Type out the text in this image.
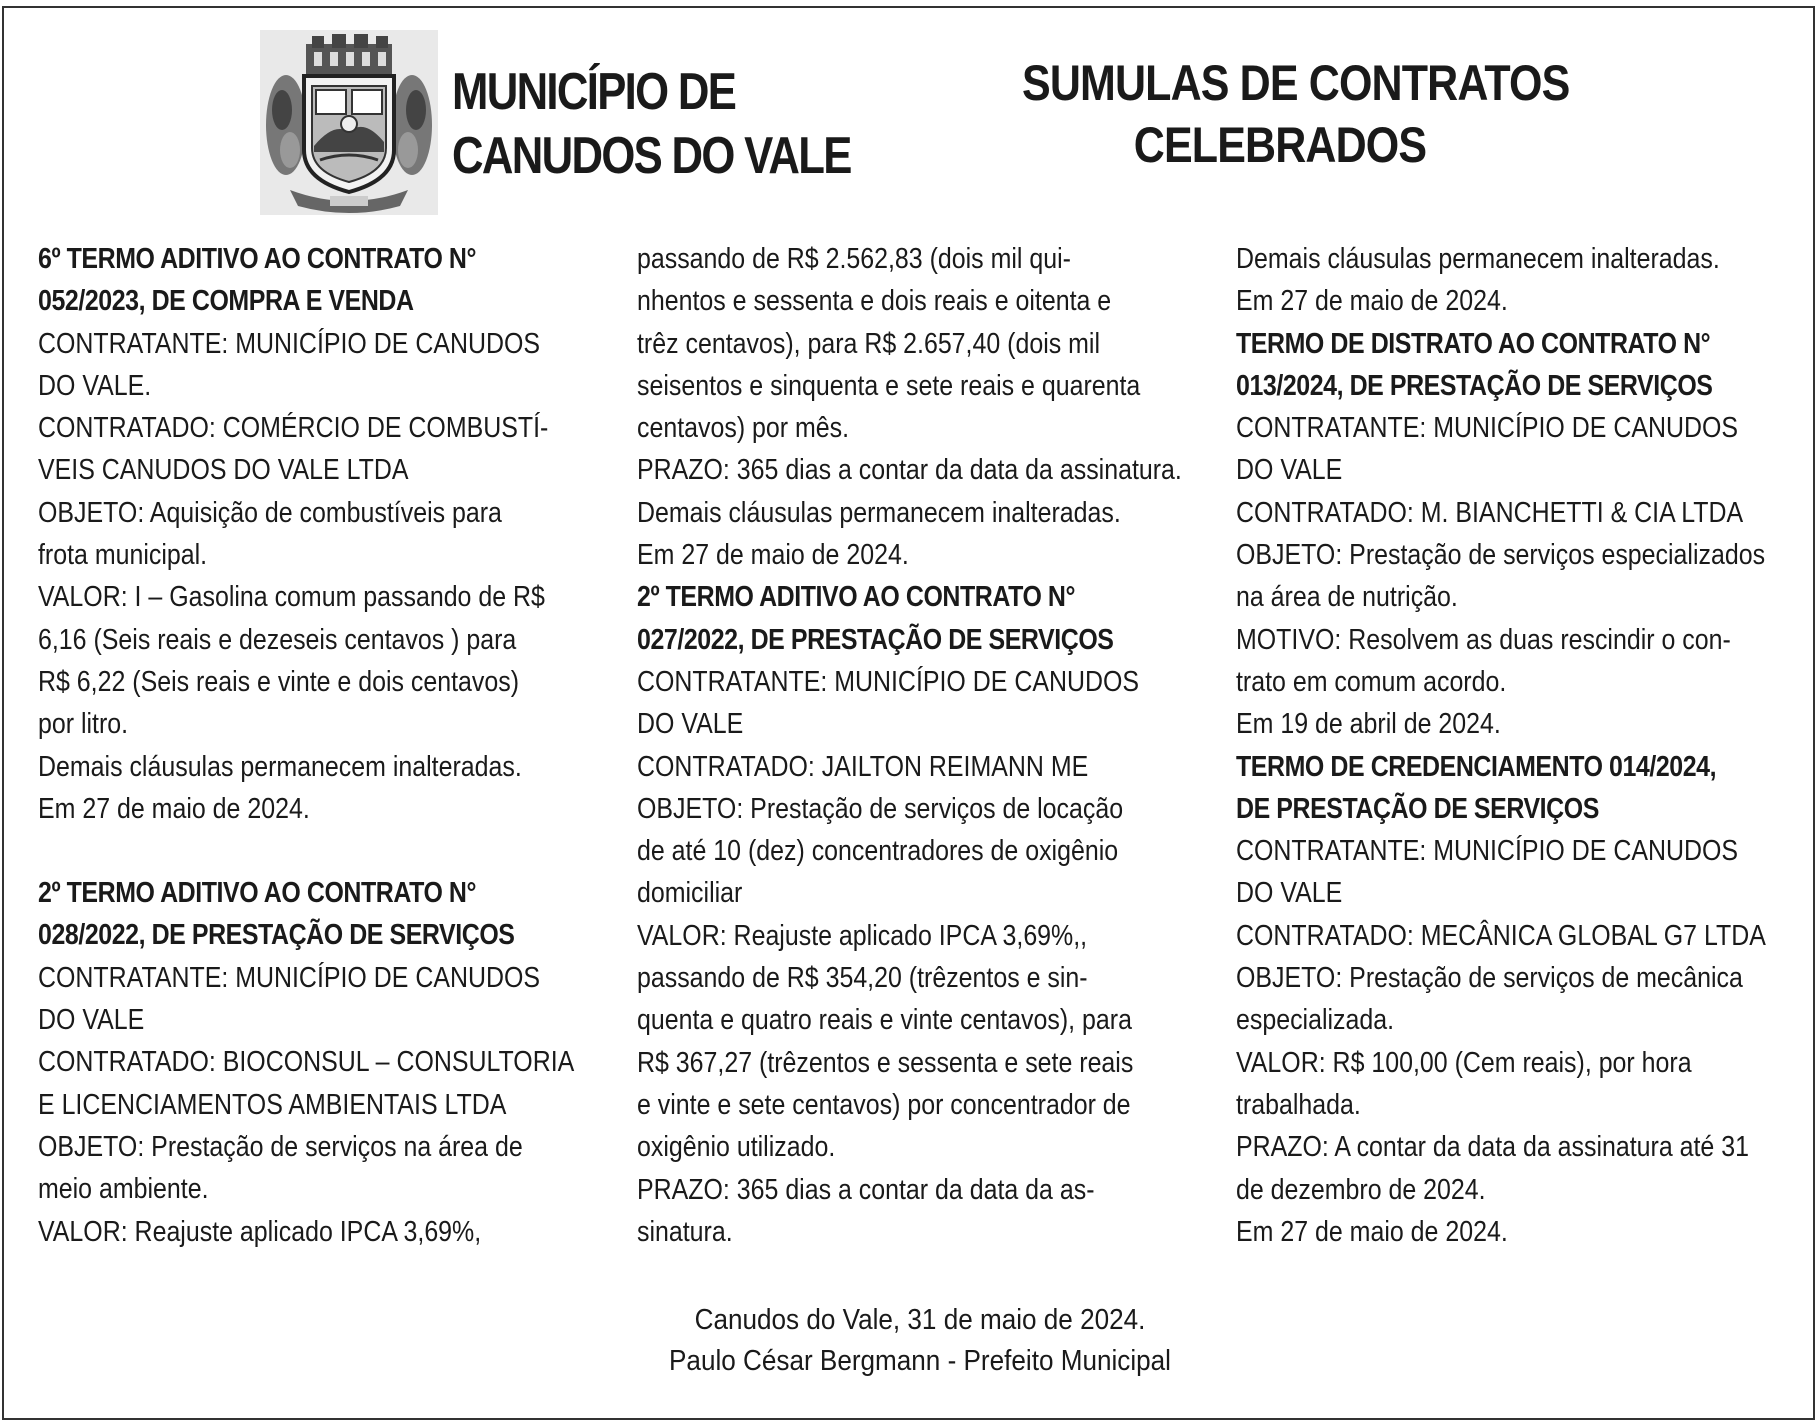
MUNICÍPIO DE
CANUDOS DO VALE
SUMULAS DE CONTRATOS
CELEBRADOS

6º TERMO ADITIVO AO CONTRATO N°

052/2023, DE COMPRA E VENDA

CONTRATANTE: MUNICÍPIO DE CANUDOS

DO VALE.

CONTRATADO: COMÉRCIO DE COMBUSTÍ-

VEIS CANUDOS DO VALE LTDA

OBJETO: Aquisição de combustíveis para

frota municipal.

VALOR: I – Gasolina comum passando de R$

6,16 (Seis reais e dezeseis centavos ) para

R$ 6,22 (Seis reais e vinte e dois centavos)

por litro.

Demais cláusulas permanecem inalteradas.

Em 27 de maio de 2024.

2º TERMO ADITIVO AO CONTRATO N°

028/2022, DE PRESTAÇÃO DE SERVIÇOS

CONTRATANTE: MUNICÍPIO DE CANUDOS

DO VALE

CONTRATADO: BIOCONSUL – CONSULTORIA

E LICENCIAMENTOS AMBIENTAIS LTDA

OBJETO: Prestação de serviços na área de

meio ambiente.

VALOR: Reajuste aplicado IPCA 3,69%,

passando de R$ 2.562,83 (dois mil qui-

nhentos e sessenta e dois reais e oitenta e

trêz centavos), para R$ 2.657,40 (dois mil

seisentos e sinquenta e sete reais e quarenta

centavos) por mês.

PRAZO: 365 dias a contar da data da assinatura.

Demais cláusulas permanecem inalteradas.

Em 27 de maio de 2024.

2º TERMO ADITIVO AO CONTRATO N°

027/2022, DE PRESTAÇÃO DE SERVIÇOS

CONTRATANTE: MUNICÍPIO DE CANUDOS

DO VALE

CONTRATADO: JAILTON REIMANN ME

OBJETO: Prestação de serviços de locação

de até 10 (dez) concentradores de oxigênio

domiciliar

VALOR: Reajuste aplicado IPCA 3,69%,,

passando de R$ 354,20 (trêzentos e sin-

quenta e quatro reais e vinte centavos), para

R$ 367,27 (trêzentos e sessenta e sete reais

e vinte e sete centavos) por concentrador de

oxigênio utilizado.

PRAZO: 365 dias a contar da data da as-

sinatura.

Demais cláusulas permanecem inalteradas.

Em 27 de maio de 2024.

TERMO DE DISTRATO AO CONTRATO N°

013/2024, DE PRESTAÇÃO DE SERVIÇOS

CONTRATANTE: MUNICÍPIO DE CANUDOS

DO VALE

CONTRATADO: M. BIANCHETTI & CIA LTDA

OBJETO: Prestação de serviços especializados

na área de nutrição.

MOTIVO: Resolvem as duas rescindir o con-

trato em comum acordo.

Em 19 de abril de 2024.

TERMO DE CREDENCIAMENTO 014/2024,

DE PRESTAÇÃO DE SERVIÇOS

CONTRATANTE: MUNICÍPIO DE CANUDOS

DO VALE

CONTRATADO: MECÂNICA GLOBAL G7 LTDA

OBJETO: Prestação de serviços de mecânica

especializada.

VALOR: R$ 100,00 (Cem reais), por hora

trabalhada.

PRAZO: A contar da data da assinatura até 31

de dezembro de 2024.

Em 27 de maio de 2024.

Canudos do Vale, 31 de maio de 2024.

Paulo César Bergmann - Prefeito Municipal
